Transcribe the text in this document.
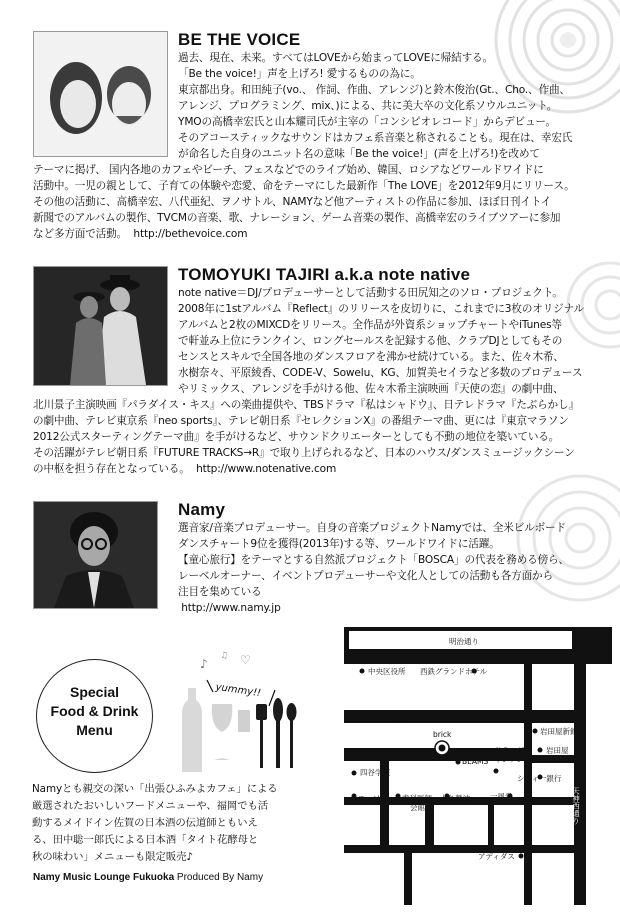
BE THE VOICE
過去、現在、未来。すべてはLOVEから始まってLOVEに帰結する。
「Be the voice!」声を上げろ! 愛するものの為に。
東京都出身。和田純子(vo.、 作詞、作曲、アレンジ)と鈴木俊治(Gt.、Cho.、作曲、
アレンジ、プログラミング、mix、)による、共に美大卒の文化系ソウルユニット。
YMOの高橋幸宏氏と山本耀司氏が主宰の「コンシピオレコード」からデビュー。
そのアコースティックなサウンドはカフェ系音楽と称されることも。現在は、幸宏氏
が命名した自身のユニット名の意味「Be the voice!」(声を上げろ!)を改めて
テーマに掲げ、 国内各地のカフェやビーチ、フェスなどでのライブ始め、韓国、ロシアなどワールドワイドに
活動中。一児の親として、子育ての体験や恋愛、命をテーマにした最新作「The LOVE」を2012年9月にリリース。
その他の活動に、高橋幸宏、八代亜紀、ヲノサトル、NAMYなど他アーティストの作品に参加、ほぼ日刊イトイ
新聞でのアルバムの製作、TVCMの音楽、歌、ナレーション、ゲーム音楽の製作、高橋幸宏のライブツアーに参加
など多方面で活動。  http://bethevoice.com
TOMOYUKI TAJIRI a.k.a note native
note native＝DJ/プロデューサーとして活動する田尻知之のソロ・プロジェクト。
2008年に1stアルバム『Reflect』のリリースを皮切りに、これまでに3枚のオリジナル
アルバムと2枚のMIXCDをリリース。全作品が外資系ショップチャートやiTunes等
で軒並み上位にランクイン、ロングセールスを記録する他、クラブDJとしてもその
センスとスキルで全国各地のダンスフロアを沸かせ続けている。また、佐々木希、
水樹奈々、平原綾香、CODE-V、Sowelu、KG、加賀美セイラなど多数のプロデュース
やリミックス、アレンジを手がける他、佐々木希主演映画『天使の恋』の劇中曲、
北川景子主演映画『パラダイス・キス』への楽曲提供や、TBSドラマ『私はシャドウ』、日テレドラマ『たぶらかし』
の劇中曲、テレビ東京系『neo sports』、テレビ朝日系『セレクションX』の番組テーマ曲、更には『東京マラソン
2012公式スターティングテーマ曲』を手がけるなど、サウンドクリエーターとしても不動の地位を築いている。
その活躍がテレビ朝日系『FUTURE TRACKS→R』で取り上げられるなど、日本のハウス/ダンスミュージックシーン
の中枢を担う存在となっている。  http://www.notenative.com
Namy
選音家/音楽プロデューサー。自身の音楽プロジェクトNamyでは、全米ビルボード
ダンスチャート9位を獲得(2013年)する等、ワールドワイドに活躍。
【童心旅行】をテーマとする自然派プロジェクト「BOSCA」の代表を務める傍ら、
レーベルオーナー、イベントプロデューサーや文化人としての活動も各方面から
注目を集めている
http://www.namy.jp
Special
Food & Drink
Menu
♪	♡
♫
yummy!!
Namyとも親交の深い「出張ひふみよカフェ」による
厳選されたおいしいフードメニューや、福岡でも活
動するメイドイン佐賀の日本酒の伝道師ともいえ
る、田中聡一郎氏による日本酒「タイト花酵母と
秋の味わい」メニューも限定販売♪
Namy Music Lounge Fukuoka Produced By Namy
明治通り
中央区役所 西鉄グランドホテル
大名小学校	つるやゴルフ
岩田屋新館
岩田屋
brick
ドラッグイレブン
BEAMS
四谷学院
シティ一銀行
ローソン 歯科医師会館
上久醤油	一風堂
アディダス
天神西通り
